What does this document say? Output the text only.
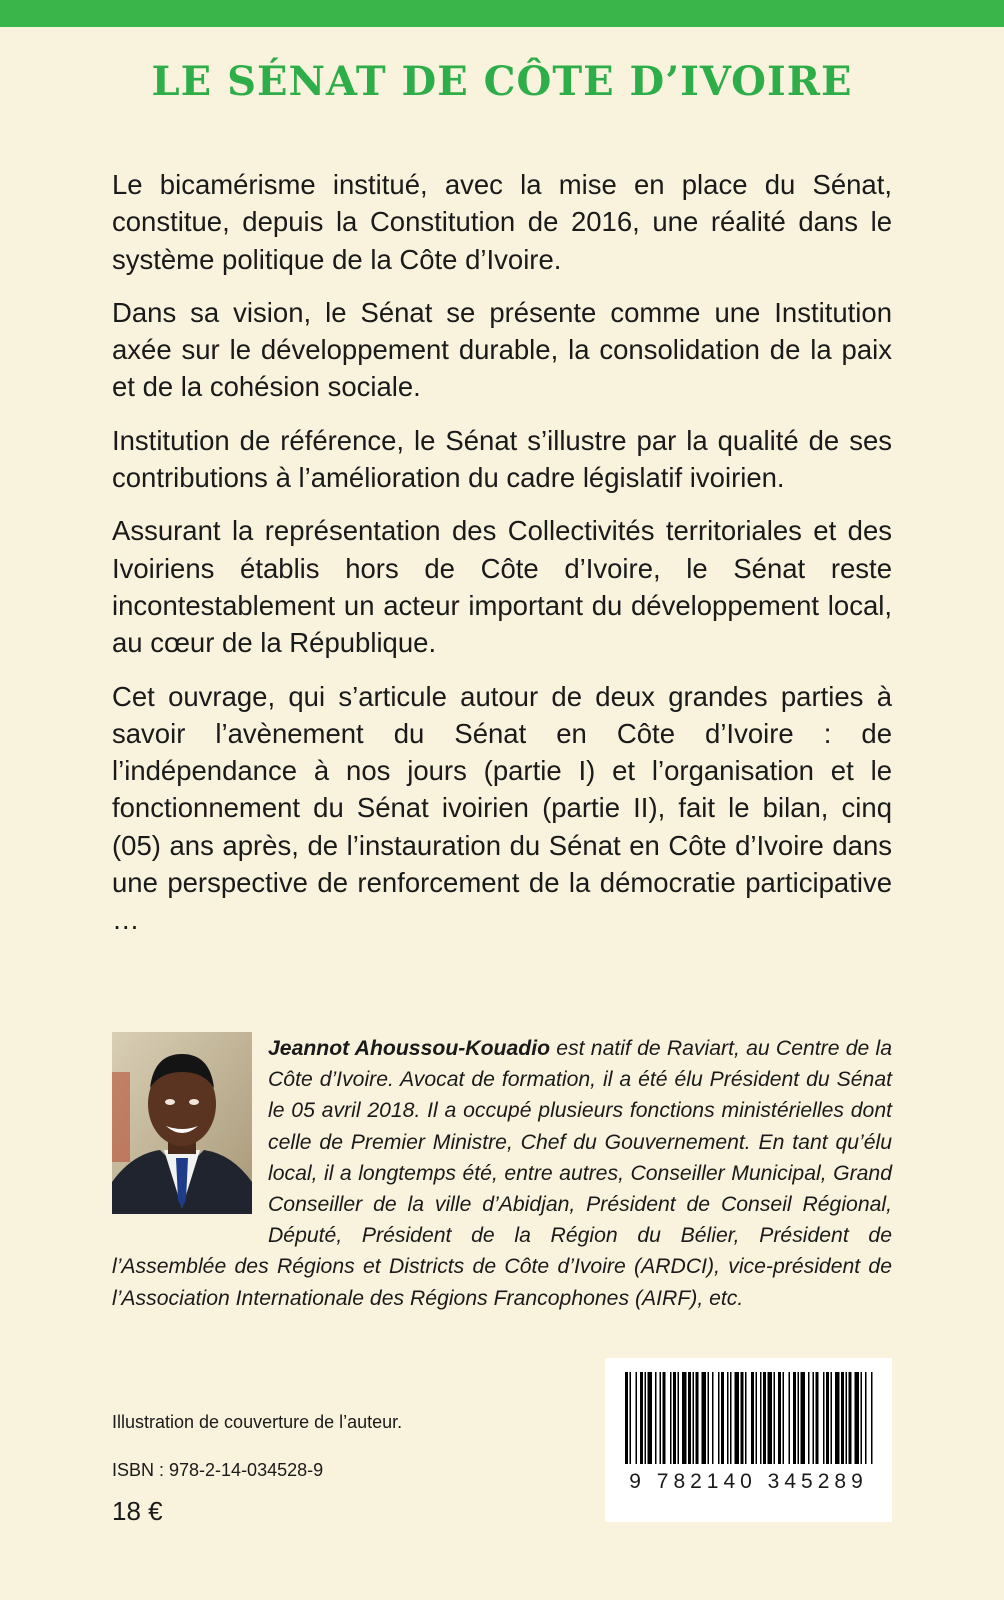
LE SÉNAT DE CÔTE D’IVOIRE

Le bicamérisme institué, avec la mise en place du Sénat, constitue, depuis la Constitution de 2016, une réalité dans le système politique de la Côte d’Ivoire.

Dans sa vision, le Sénat se présente comme une Institution axée sur le développement durable, la consolidation de la paix et de la cohésion sociale.

Institution de référence, le Sénat s’illustre par la qualité de ses contributions à l’amélioration du cadre législatif ivoirien.

Assurant la représentation des Collectivités territoriales et des Ivoiriens établis hors de Côte d’Ivoire, le Sénat reste incontestablement un acteur important du développement local, au cœur de la République.

Cet ouvrage, qui s’articule autour de deux grandes parties à savoir l’avènement du Sénat en Côte d’Ivoire : de l’indépendance à nos jours (partie I) et l’organisation et le fonctionnement du Sénat ivoirien (partie II), fait le bilan, cinq (05) ans après, de l’instauration du Sénat en Côte d’Ivoire dans une perspective de renforcement de la démocratie participative …

Jeannot Ahoussou-Kouadio est natif de Raviart, au Centre de la Côte d’Ivoire. Avocat de formation, il a été élu Président du Sénat le 05 avril 2018. Il a occupé plusieurs fonctions ministérielles dont celle de Premier Ministre, Chef du Gouvernement. En tant qu’élu local, il a longtemps été, entre autres, Conseiller Municipal, Grand Conseiller de la ville d’Abidjan, Président de Conseil Régional, Député, Président de la Région du Bélier, Président de l’Assemblée des Régions et Districts de Côte d’Ivoire (ARDCI), vice-président de l’Association Internationale des Régions Francophones (AIRF), etc.

Illustration de couverture de l’auteur.

ISBN : 978-2-14-034528-9

18 €

9 782140 345289
